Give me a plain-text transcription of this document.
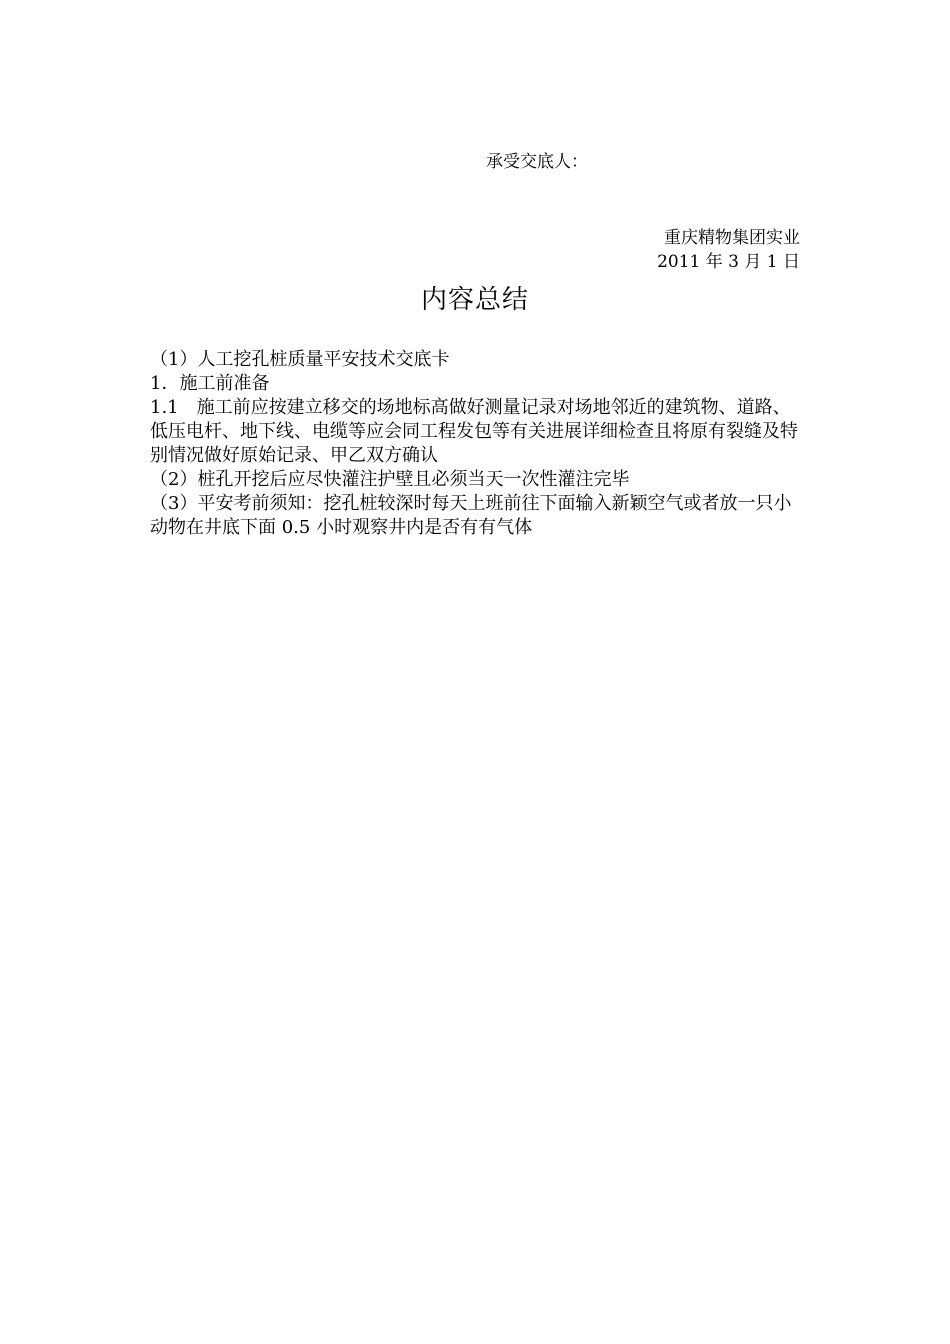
承受交底人：
重庆精物集团实业
2011 年 3 月 1 日
内容总结

（1）人工挖孔桩质量平安技术交底卡

1．施工前准备

1.1　施工前应按建立移交的场地标高做好测量记录对场地邻近的建筑物、道路、低压电杆、地下线、电缆等应会同工程发包等有关进展详细检查且将原有裂缝及特别情况做好原始记录、甲乙双方确认

（2）桩孔开挖后应尽快灌注护壁且必须当天一次性灌注完毕

（3）平安考前须知：挖孔桩较深时每天上班前往下面输入新颖空气或者放一只小动物在井底下面 0.5 小时观察井内是否有有气体
